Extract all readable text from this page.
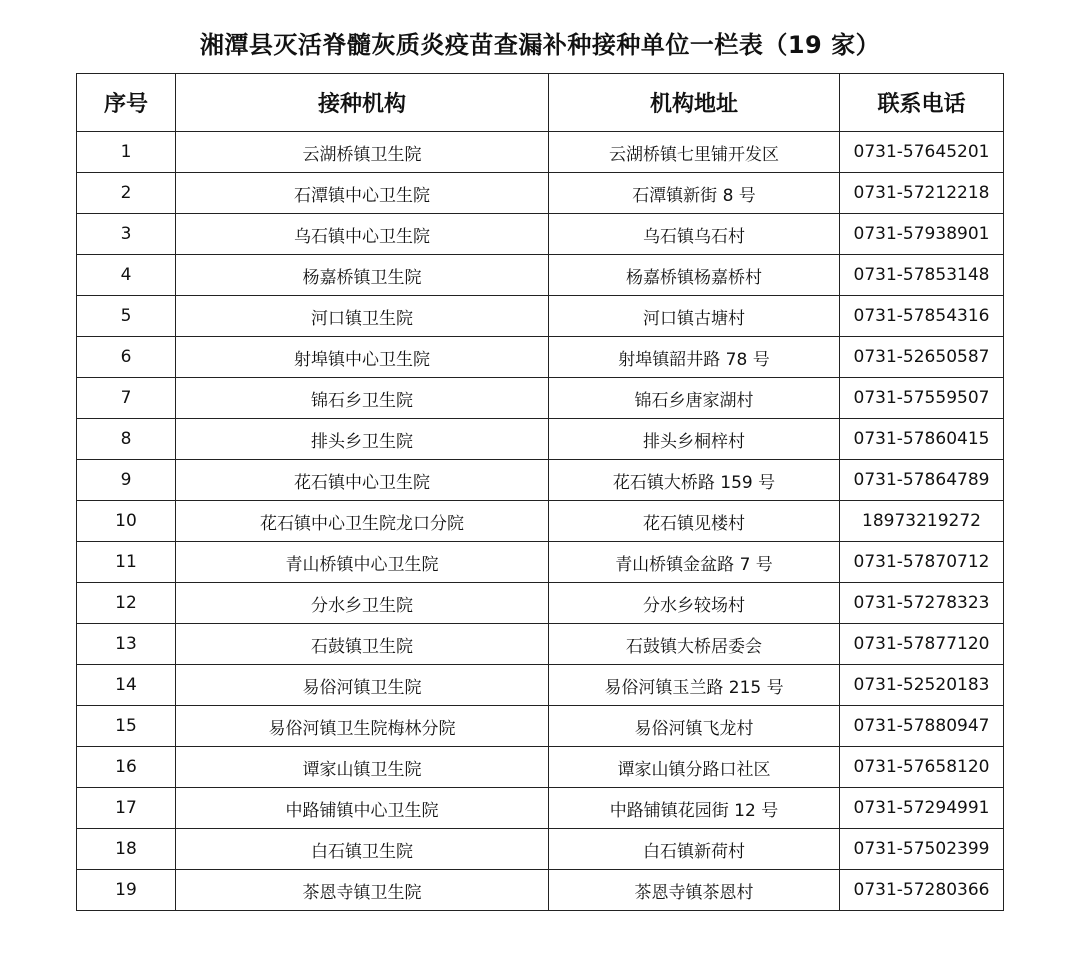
湘潭县灭活脊髓灰质炎疫苗查漏补种接种单位一栏表（19 家）
序号	接种机构	机构地址	联系电话
1	云湖桥镇卫生院	云湖桥镇七里铺开发区	0731-57645201
2	石潭镇中心卫生院	石潭镇新街 8 号	0731-57212218
3	乌石镇中心卫生院	乌石镇乌石村	0731-57938901
4	杨嘉桥镇卫生院	杨嘉桥镇杨嘉桥村	0731-57853148
5	河口镇卫生院	河口镇古塘村	0731-57854316
6	射埠镇中心卫生院	射埠镇韶井路 78 号	0731-52650587
7	锦石乡卫生院	锦石乡唐家湖村	0731-57559507
8	排头乡卫生院	排头乡桐梓村	0731-57860415
9	花石镇中心卫生院	花石镇大桥路 159 号	0731-57864789
10	花石镇中心卫生院龙口分院	花石镇见楼村	18973219272
11	青山桥镇中心卫生院	青山桥镇金盆路 7 号	0731-57870712
12	分水乡卫生院	分水乡较场村	0731-57278323
13	石鼓镇卫生院	石鼓镇大桥居委会	0731-57877120
14	易俗河镇卫生院	易俗河镇玉兰路 215 号	0731-52520183
15	易俗河镇卫生院梅林分院	易俗河镇飞龙村	0731-57880947
16	谭家山镇卫生院	谭家山镇分路口社区	0731-57658120
17	中路铺镇中心卫生院	中路铺镇花园街 12 号	0731-57294991
18	白石镇卫生院	白石镇新荷村	0731-57502399
19	茶恩寺镇卫生院	茶恩寺镇茶恩村	0731-57280366
